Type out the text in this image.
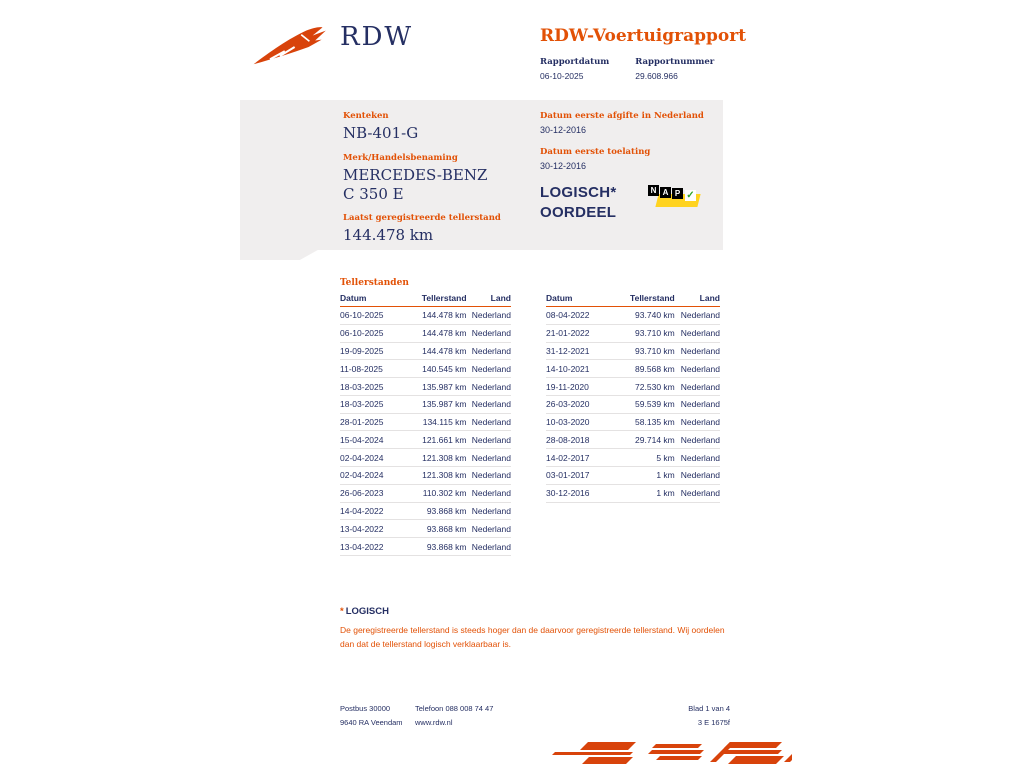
RDW	RDW-Voertuigrapport
Rapportdatum
06-10-2025
Rapportnummer
29.608.966
Kenteken
NB-401-G
Merk/Handelsbenaming
MERCEDES-BENZ C 350 E
Laatst geregistreerde tellerstand
144.478 km
Datum eerste afgifte in Nederland
30-12-2016
Datum eerste toelating
30-12-2016
LOGISCH*
OORDEEL
N A P ✓
Tellerstanden
Datum	Tellerstand	Land
06-10-2025	144.478 km Nederland
06-10-2025	144.478 km Nederland
19-09-2025	144.478 km Nederland
11-08-2025	140.545 km Nederland
18-03-2025	135.987 km Nederland
18-03-2025	135.987 km Nederland
28-01-2025	134.115 km Nederland
15-04-2024	121.661 km Nederland
02-04-2024	121.308 km Nederland
02-04-2024	121.308 km Nederland
26-06-2023	110.302 km Nederland
14-04-2022	93.868 km Nederland
13-04-2022	93.868 km Nederland
13-04-2022	93.868 km Nederland
Datum	Tellerstand	Land
08-04-2022	93.740 km Nederland
21-01-2022	93.710 km Nederland
31-12-2021	93.710 km Nederland
14-10-2021	89.568 km Nederland
19-11-2020	72.530 km Nederland
26-03-2020	59.539 km Nederland
10-03-2020	58.135 km Nederland
28-08-2018	29.714 km Nederland
14-02-2017	5 km Nederland
03-01-2017	1 km Nederland
30-12-2016	1 km Nederland
* LOGISCH
De geregistreerde tellerstand is steeds hoger dan de daarvoor geregistreerde tellerstand. Wij oordelen dan dat de tellerstand logisch verklaarbaar is.
Postbus 30000
9640 RA Veendam
Telefoon 088 008 74 47
www.rdw.nl
Blad 1 van 4
3 E 1675f
